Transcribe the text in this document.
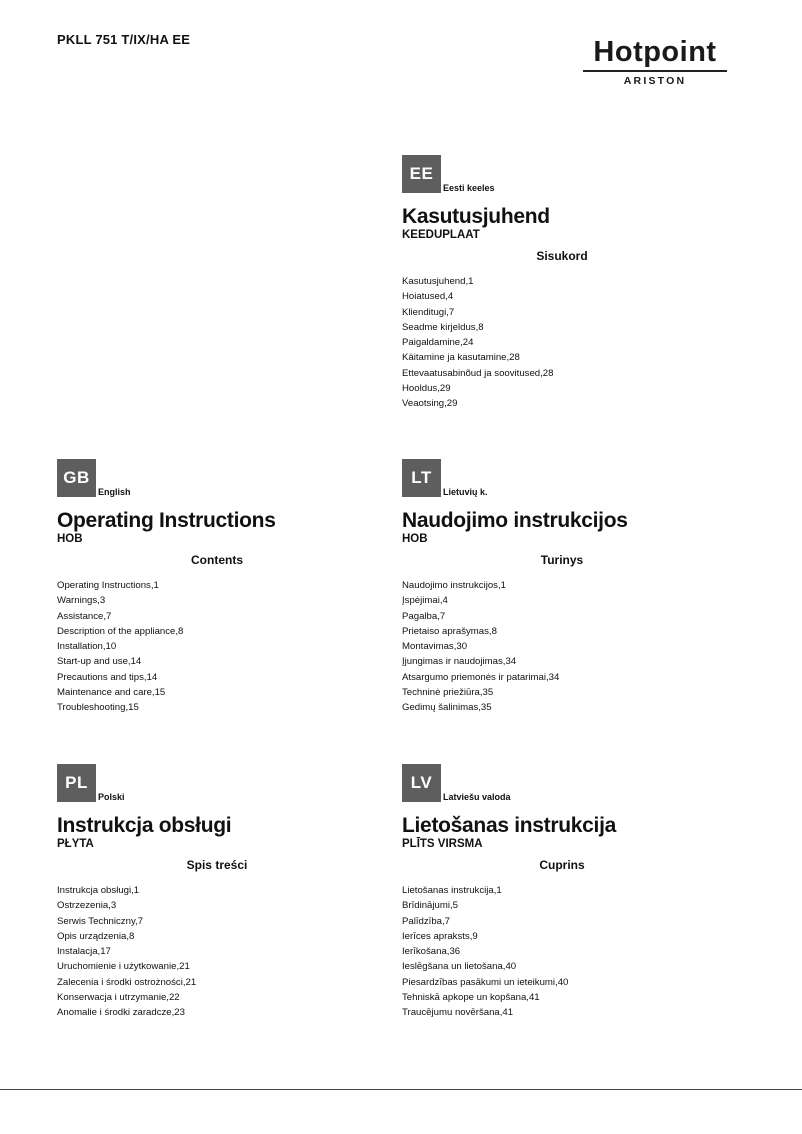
PKLL 751 T/IX/HA EE	Hotpoint
ARISTON
EE
Eesti keeles
Kasutusjuhend
KEEDUPLAAT
Sisukord
Kasutusjuhend,1
Hoiatused,4
Klienditugi,7
Seadme kirjeldus,8
Paigaldamine,24
Käitamine ja kasutamine,28
Ettevaatusabinõud ja soovitused,28
Hooldus,29
Veaotsing,29
GB
English
Operating Instructions
HOB
Contents
Operating Instructions,1
Warnings,3
Assistance,7
Description of the appliance,8
Installation,10
Start-up and use,14
Precautions and tips,14
Maintenance and care,15
Troubleshooting,15
LT
Lietuvių k.
Naudojimo instrukcijos
HOB
Turinys
Naudojimo instrukcijos,1
Įspėjimai,4
Pagalba,7
Prietaiso aprašymas,8
Montavimas,30
Įjungimas ir naudojimas,34
Atsargumo priemonės ir patarimai,34
Techninė priežiūra,35
Gedimų šalinimas,35
PL
Polski
Instrukcja obsługi
PŁYTA
Spis treści
Instrukcja obsługi,1
Ostrzezenia,3
Serwis Techniczny,7
Opis urządzenia,8
Instalacja,17
Uruchomienie i użytkowanie,21
Zalecenia i środki ostrożności,21
Konserwacja i utrzymanie,22
Anomalie i środki zaradcze,23
LV
Latviešu valoda
Lietošanas instrukcija
PLĪTS VIRSMA
Cuprins
Lietošanas instrukcija,1
Brīdinājumi,5
Palīdzība,7
Ierīces apraksts,9
Ierīkošana,36
Ieslēgšana un lietošana,40
Piesardzības pasākumi un ieteikumi,40
Tehniskā apkope un kopšana,41
Traucējumu novēršana,41
